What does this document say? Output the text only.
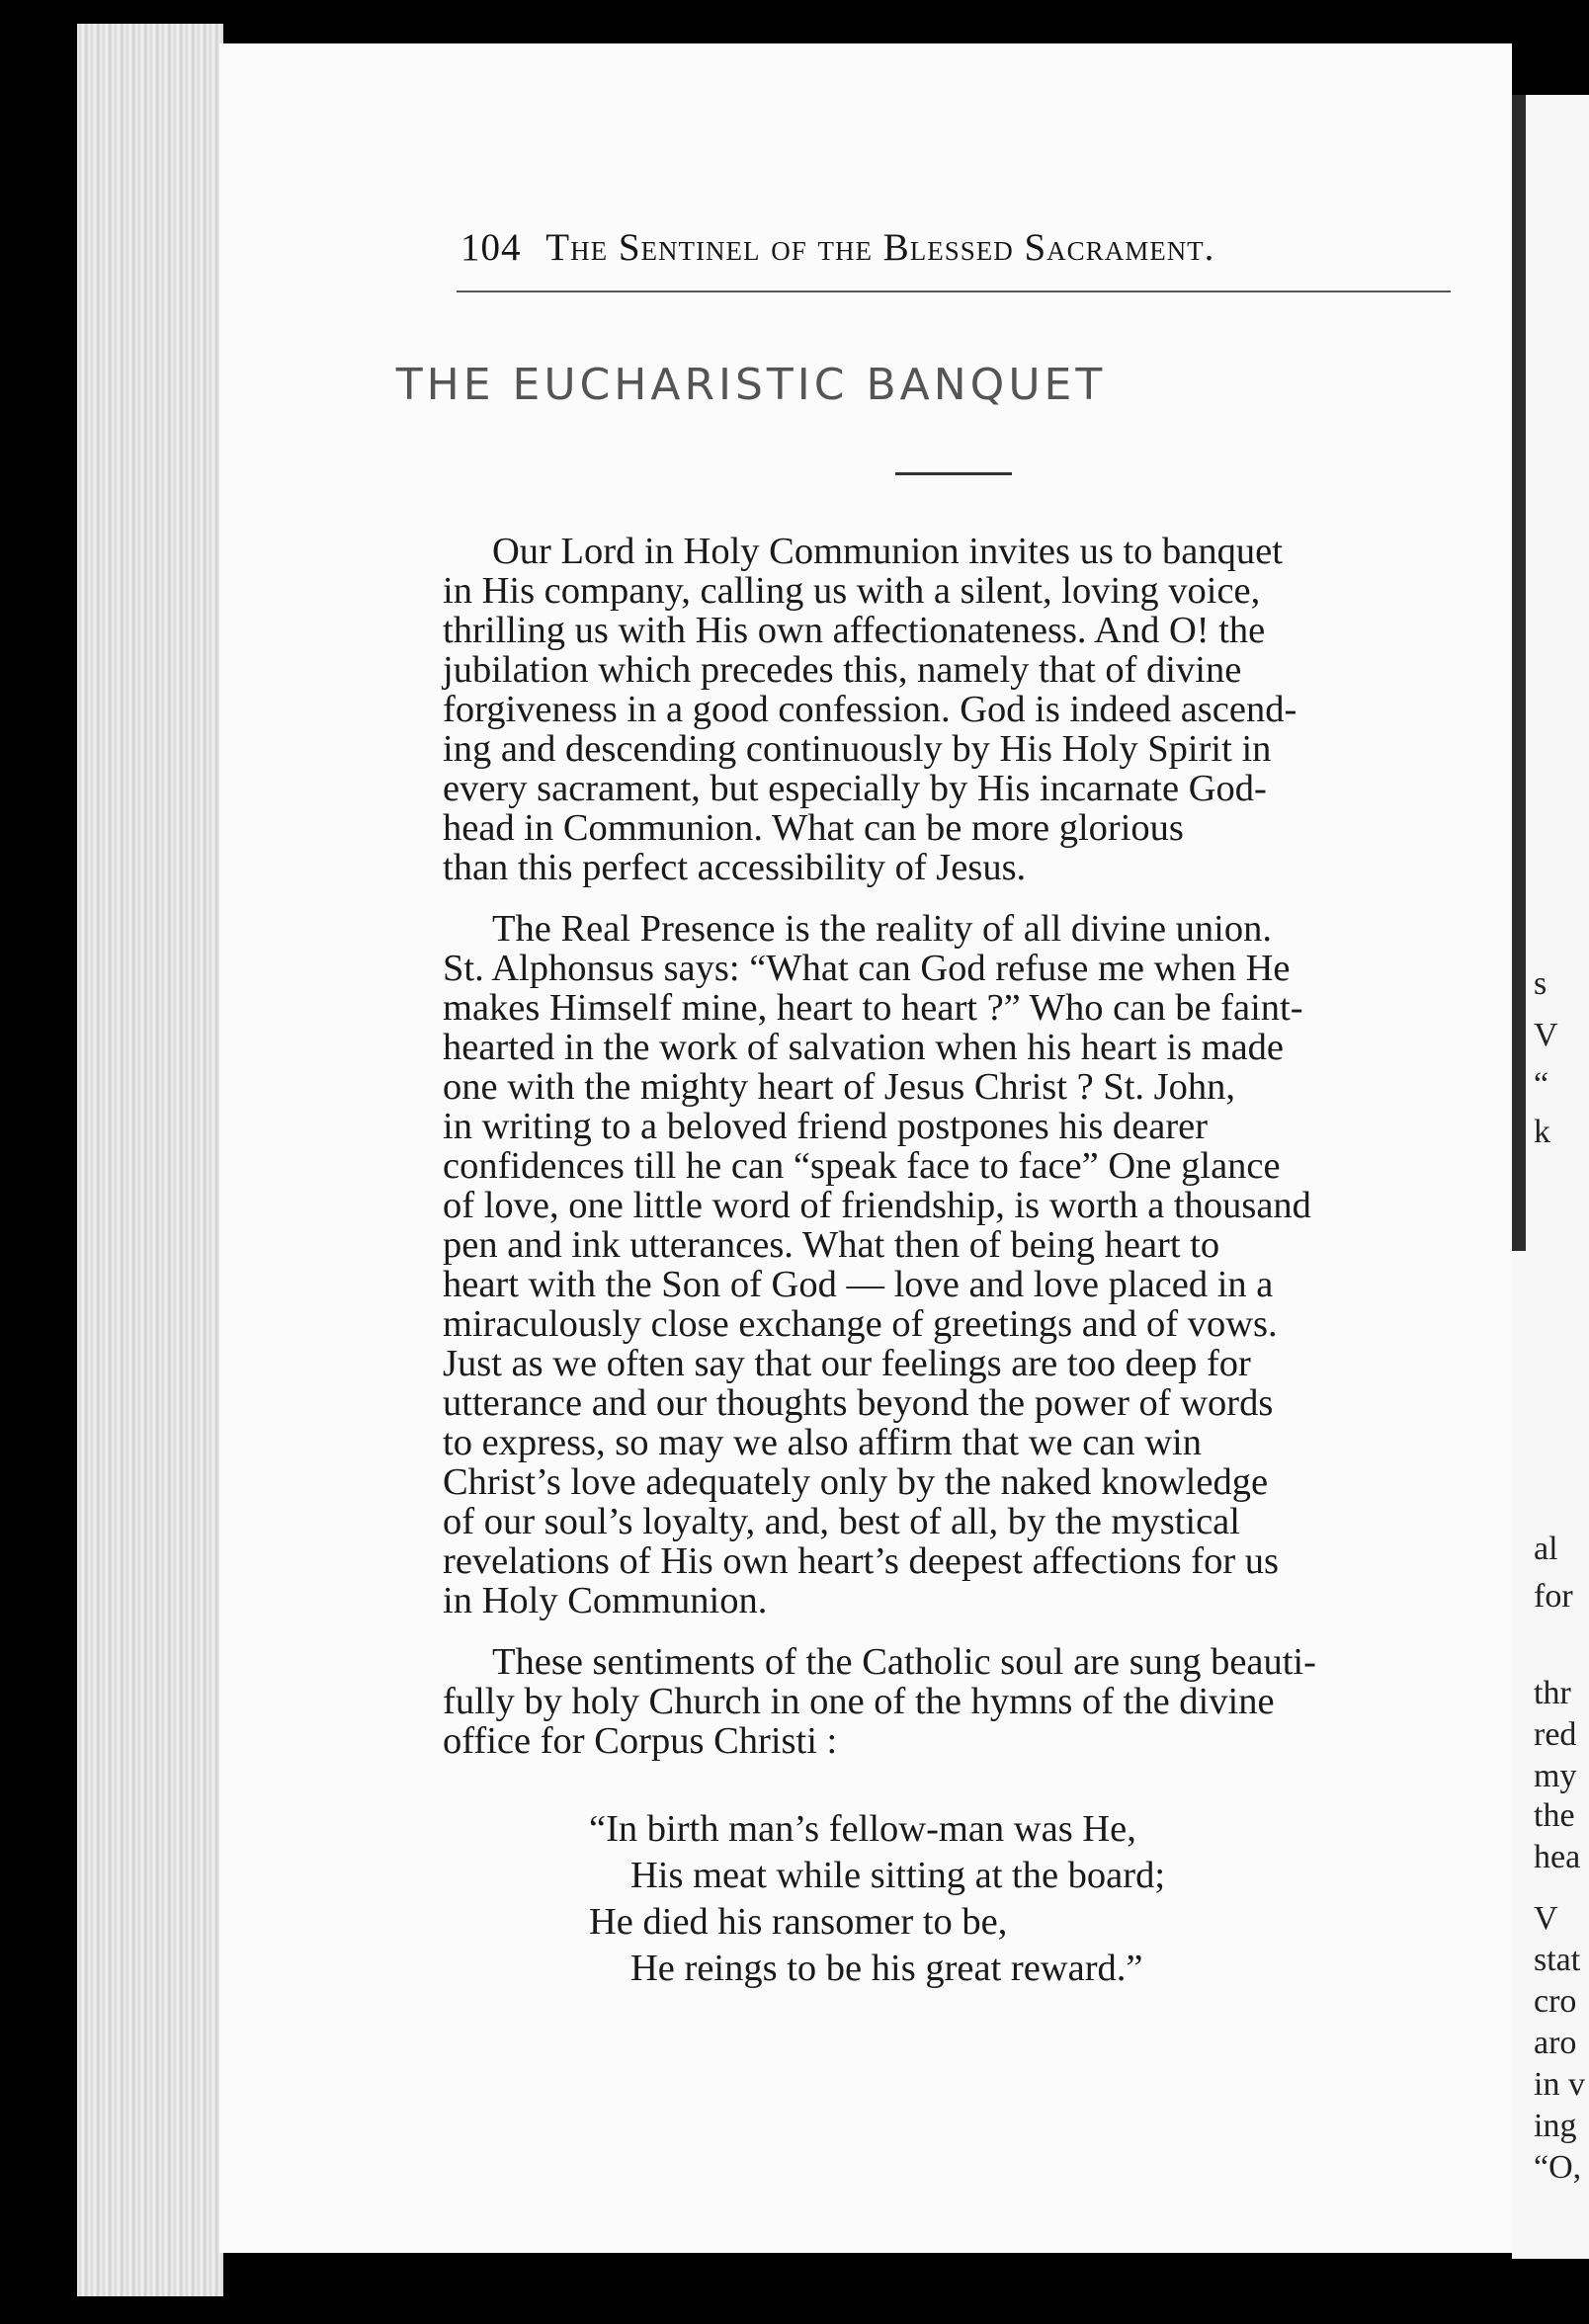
s
V
“
k
al
for
thr
red
my
the
hea
V
stat
cro
aro
in v
ing
“O,
104 The Sentinel of the Blessed Sacrament.
THE EUCHARISTIC BANQUET

Our Lord in Holy Communion invites us to banquet
in His company, calling us with a silent, loving voice,
thrilling us with His own affectionateness. And O! the
jubilation which precedes this, namely that of divine
forgiveness in a good confession. God is indeed ascend-
ing and descending continuously by His Holy Spirit in
every sacrament, but especially by His incarnate God-
head in Communion. What can be more glorious
than this perfect accessibility of Jesus.

The Real Presence is the reality of all divine union.
St. Alphonsus says: “What can God refuse me when He
makes Himself mine, heart to heart ?” Who can be faint-
hearted in the work of salvation when his heart is made
one with the mighty heart of Jesus Christ ? St. John,
in writing to a beloved friend postpones his dearer
confidences till he can “speak face to face” One glance
of love, one little word of friendship, is worth a thousand
pen and ink utterances. What then of being heart to
heart with the Son of God — love and love placed in a
miraculously close exchange of greetings and of vows.
Just as we often say that our feelings are too deep for
utterance and our thoughts beyond the power of words
to express, so may we also affirm that we can win
Christ’s love adequately only by the naked knowledge
of our soul’s loyalty, and, best of all, by the mystical
revelations of His own heart’s deepest affections for us
in Holy Communion.

These sentiments of the Catholic soul are sung beauti-
fully by holy Church in one of the hymns of the divine
office for Corpus Christi :

“In birth man’s fellow-man was He,
His meat while sitting at the board;
He died his ransomer to be,
He reings to be his great reward.”
